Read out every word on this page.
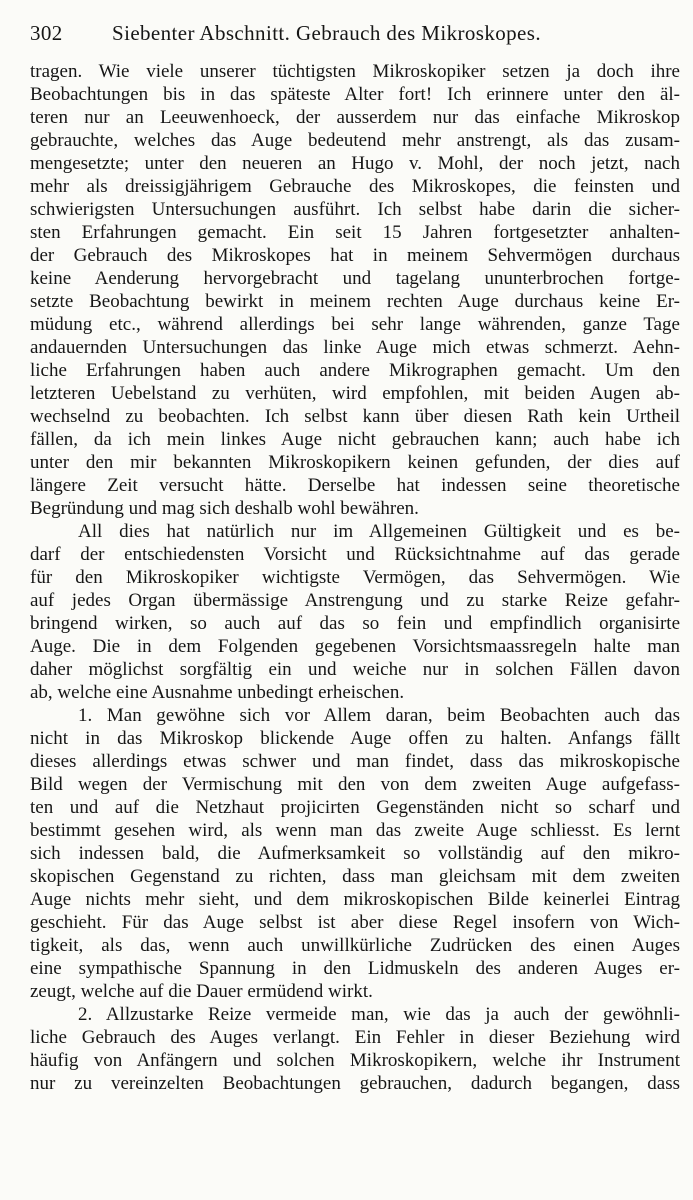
302 Siebenter Abschnitt. Gebrauch des Mikroskopes.
tragen. Wie viele unserer tüchtigsten Mikroskopiker setzen ja doch ihre
Beobachtungen bis in das späteste Alter fort! Ich erinnere unter den äl-
teren nur an Leeuwenhoeck, der ausserdem nur das einfache Mikroskop
gebrauchte, welches das Auge bedeutend mehr anstrengt, als das zusam-
mengesetzte; unter den neueren an Hugo v. Mohl, der noch jetzt, nach
mehr als dreissigjährigem Gebrauche des Mikroskopes, die feinsten und
schwierigsten Untersuchungen ausführt. Ich selbst habe darin die sicher-
sten Erfahrungen gemacht. Ein seit 15 Jahren fortgesetzter anhalten-
der Gebrauch des Mikroskopes hat in meinem Sehvermögen durchaus
keine Aenderung hervorgebracht und tagelang ununterbrochen fortge-
setzte Beobachtung bewirkt in meinem rechten Auge durchaus keine Er-
müdung etc., während allerdings bei sehr lange währenden, ganze Tage
andauernden Untersuchungen das linke Auge mich etwas schmerzt. Aehn-
liche Erfahrungen haben auch andere Mikrographen gemacht. Um den
letzteren Uebelstand zu verhüten, wird empfohlen, mit beiden Augen ab-
wechselnd zu beobachten. Ich selbst kann über diesen Rath kein Urtheil
fällen, da ich mein linkes Auge nicht gebrauchen kann; auch habe ich
unter den mir bekannten Mikroskopikern keinen gefunden, der dies auf
längere Zeit versucht hätte. Derselbe hat indessen seine theoretische
Begründung und mag sich deshalb wohl bewähren.
All dies hat natürlich nur im Allgemeinen Gültigkeit und es be-
darf der entschiedensten Vorsicht und Rücksichtnahme auf das gerade
für den Mikroskopiker wichtigste Vermögen, das Sehvermögen. Wie
auf jedes Organ übermässige Anstrengung und zu starke Reize gefahr-
bringend wirken, so auch auf das so fein und empfindlich organisirte
Auge. Die in dem Folgenden gegebenen Vorsichtsmaassregeln halte man
daher möglichst sorgfältig ein und weiche nur in solchen Fällen davon
ab, welche eine Ausnahme unbedingt erheischen.
1. Man gewöhne sich vor Allem daran, beim Beobachten auch das
nicht in das Mikroskop blickende Auge offen zu halten. Anfangs fällt
dieses allerdings etwas schwer und man findet, dass das mikroskopische
Bild wegen der Vermischung mit den von dem zweiten Auge aufgefass-
ten und auf die Netzhaut projicirten Gegenständen nicht so scharf und
bestimmt gesehen wird, als wenn man das zweite Auge schliesst. Es lernt
sich indessen bald, die Aufmerksamkeit so vollständig auf den mikro-
skopischen Gegenstand zu richten, dass man gleichsam mit dem zweiten
Auge nichts mehr sieht, und dem mikroskopischen Bilde keinerlei Eintrag
geschieht. Für das Auge selbst ist aber diese Regel insofern von Wich-
tigkeit, als das, wenn auch unwillkürliche Zudrücken des einen Auges
eine sympathische Spannung in den Lidmuskeln des anderen Auges er-
zeugt, welche auf die Dauer ermüdend wirkt.
2. Allzustarke Reize vermeide man, wie das ja auch der gewöhnli-
liche Gebrauch des Auges verlangt. Ein Fehler in dieser Beziehung wird
häufig von Anfängern und solchen Mikroskopikern, welche ihr Instrument
nur zu vereinzelten Beobachtungen gebrauchen, dadurch begangen, dass
